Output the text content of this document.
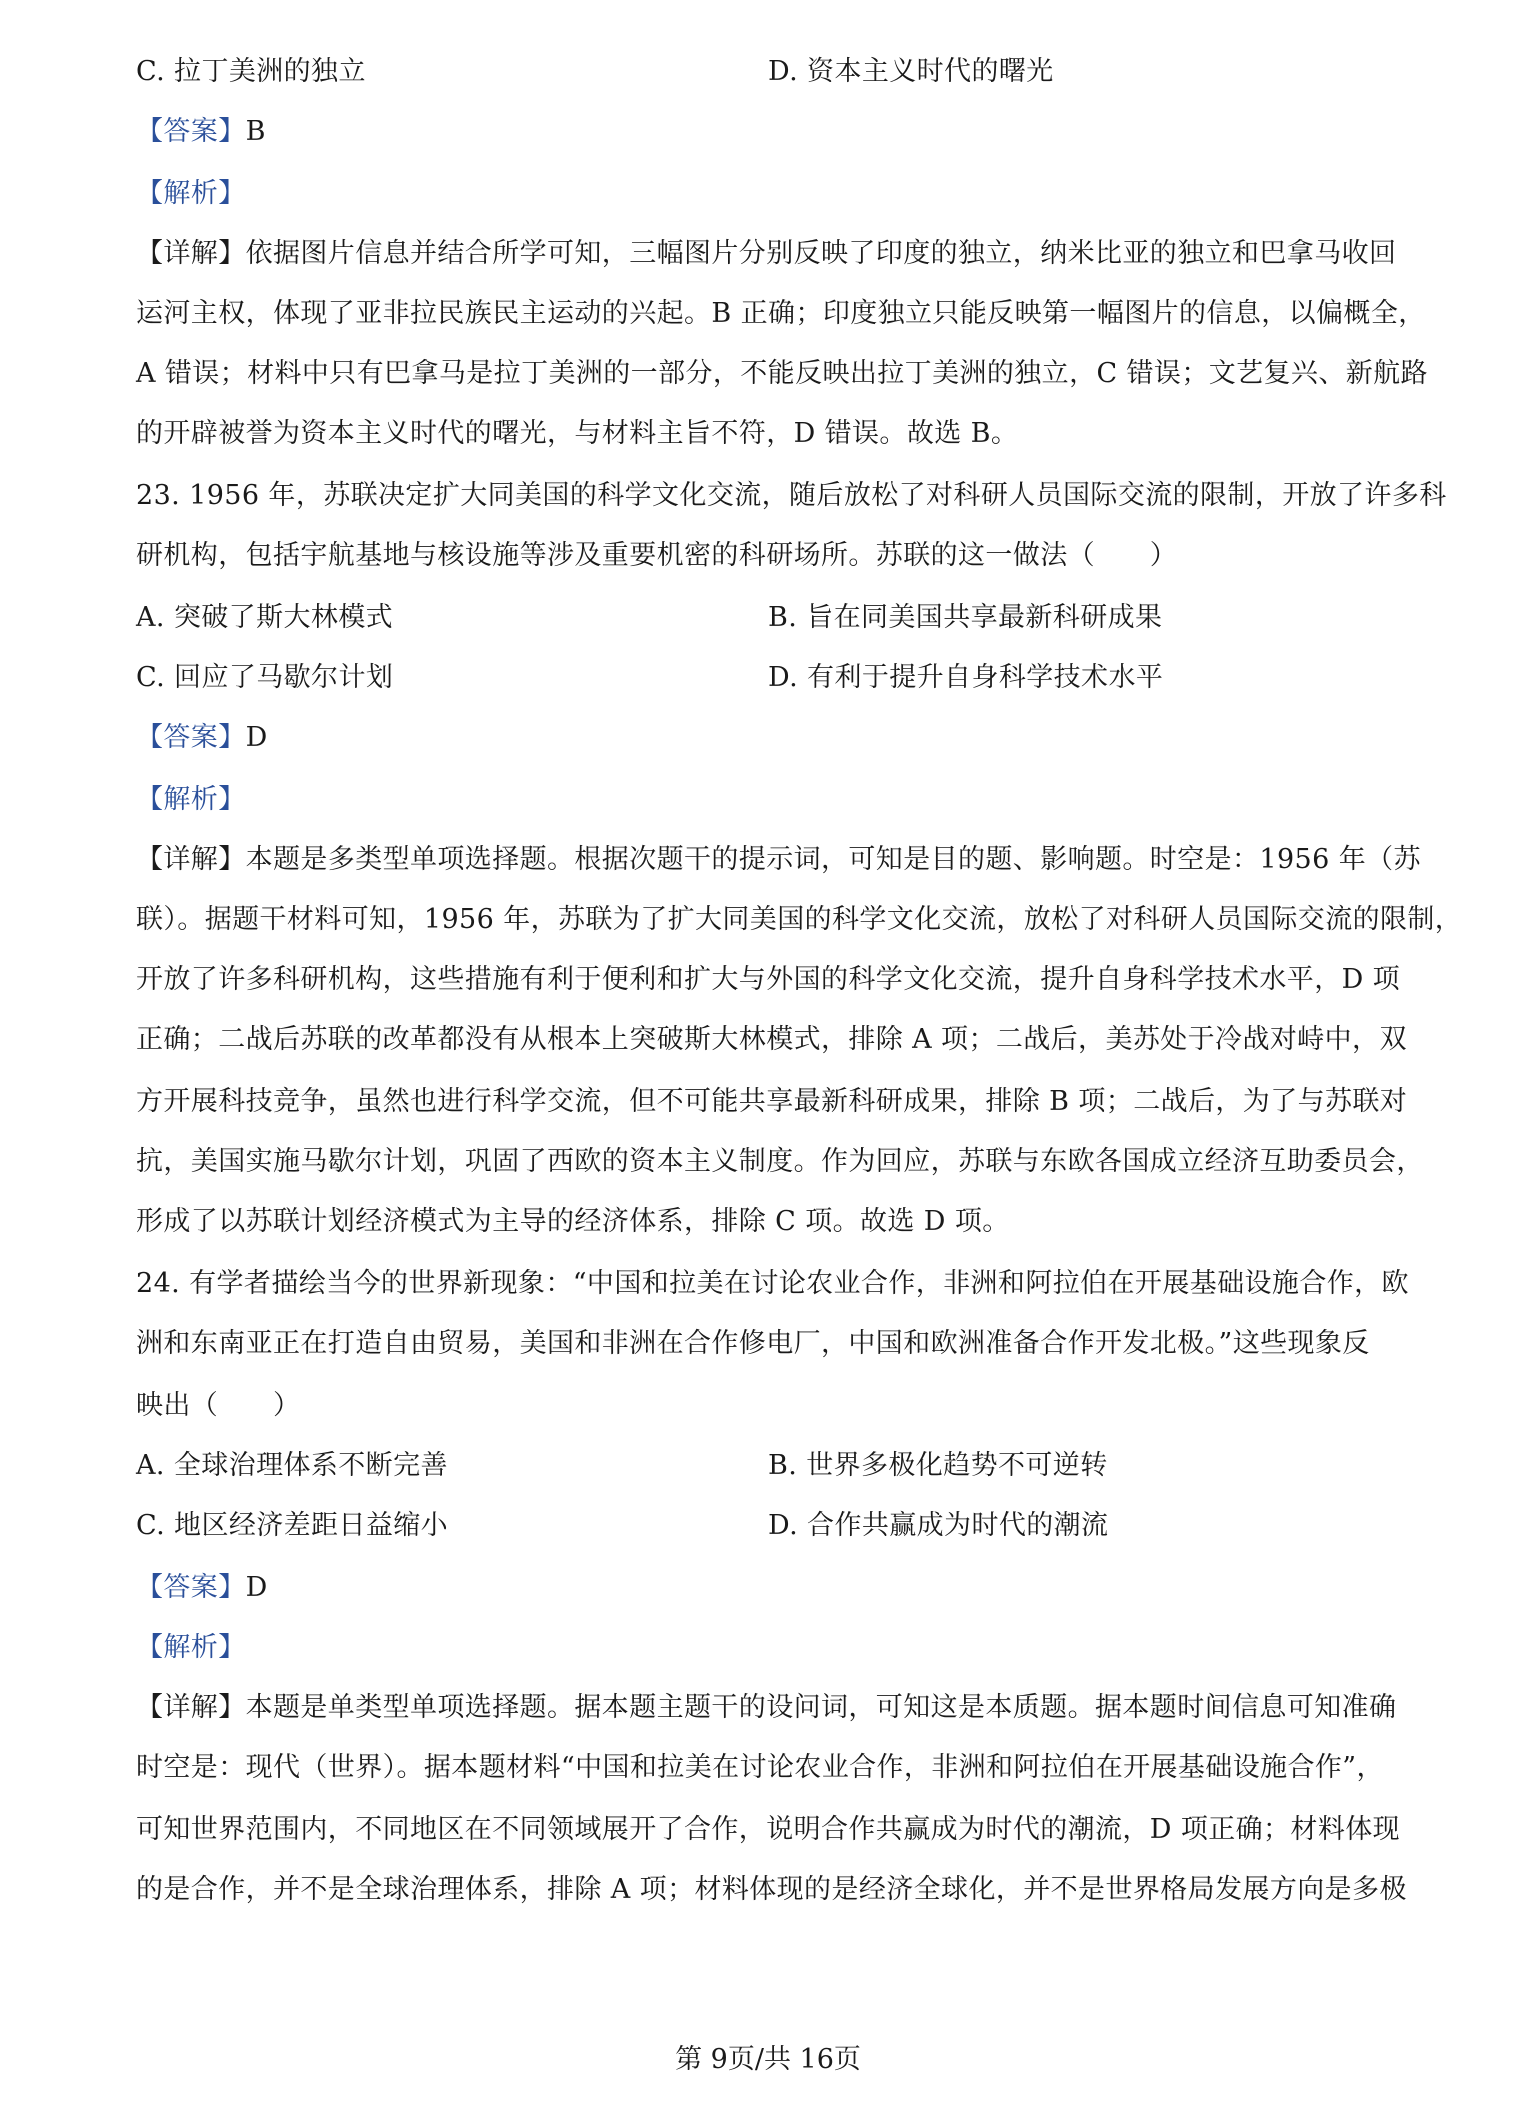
C. 拉丁美洲的独立	D. 资本主义时代的曙光
【答案】B
【解析】
【详解】依据图片信息并结合所学可知，三幅图片分别反映了印度的独立，纳米比亚的独立和巴拿马收回
运河主权，体现了亚非拉民族民主运动的兴起。B 正确；印度独立只能反映第一幅图片的信息，以偏概全，
A 错误；材料中只有巴拿马是拉丁美洲的一部分，不能反映出拉丁美洲的独立，C 错误；文艺复兴、新航路
的开辟被誉为资本主义时代的曙光，与材料主旨不符，D 错误。故选 B。
23. 1956 年，苏联决定扩大同美国的科学文化交流，随后放松了对科研人员国际交流的限制，开放了许多科
研机构，包括宇航基地与核设施等涉及重要机密的科研场所。苏联的这一做法（　　）
A. 突破了斯大林模式	B. 旨在同美国共享最新科研成果
C. 回应了马歇尔计划	D. 有利于提升自身科学技术水平
【答案】D
【解析】
【详解】本题是多类型单项选择题。根据次题干的提示词，可知是目的题、影响题。时空是：1956 年（苏
联）。据题干材料可知，1956 年，苏联为了扩大同美国的科学文化交流，放松了对科研人员国际交流的限制，
开放了许多科研机构，这些措施有利于便利和扩大与外国的科学文化交流，提升自身科学技术水平，D 项
正确；二战后苏联的改革都没有从根本上突破斯大林模式，排除 A 项；二战后，美苏处于冷战对峙中，双
方开展科技竞争，虽然也进行科学交流，但不可能共享最新科研成果，排除 B 项；二战后，为了与苏联对
抗，美国实施马歇尔计划，巩固了西欧的资本主义制度。作为回应，苏联与东欧各国成立经济互助委员会，
形成了以苏联计划经济模式为主导的经济体系，排除 C 项。故选 D 项。
24. 有学者描绘当今的世界新现象：“中国和拉美在讨论农业合作，非洲和阿拉伯在开展基础设施合作，欧
洲和东南亚正在打造自由贸易，美国和非洲在合作修电厂，中国和欧洲准备合作开发北极。”这些现象反
映出（　　）
A. 全球治理体系不断完善	B. 世界多极化趋势不可逆转
C. 地区经济差距日益缩小	D. 合作共赢成为时代的潮流
【答案】D
【解析】
【详解】本题是单类型单项选择题。据本题主题干的设问词，可知这是本质题。据本题时间信息可知准确
时空是：现代（世界）。据本题材料“中国和拉美在讨论农业合作，非洲和阿拉伯在开展基础设施合作”，
可知世界范围内，不同地区在不同领域展开了合作，说明合作共赢成为时代的潮流，D 项正确；材料体现
的是合作，并不是全球治理体系，排除 A 项；材料体现的是经济全球化，并不是世界格局发展方向是多极
第 9页/共 16页
